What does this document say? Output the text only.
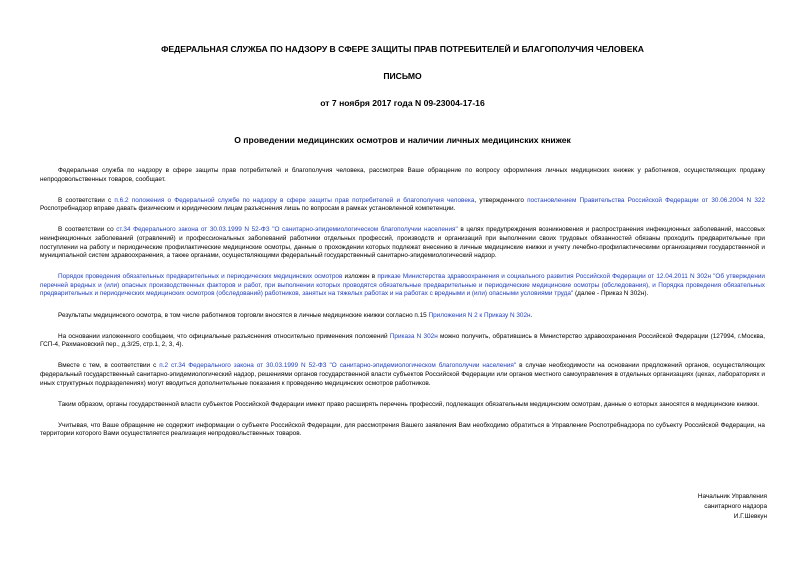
ФЕДЕРАЛЬНАЯ СЛУЖБА ПО НАДЗОРУ В СФЕРЕ ЗАЩИТЫ ПРАВ ПОТРЕБИТЕЛЕЙ И БЛАГОПОЛУЧИЯ ЧЕЛОВЕКА
ПИСЬМО
от 7 ноября 2017 года N 09-23004-17-16
О проведении медицинских осмотров и наличии личных медицинских книжек

Федеральная служба по надзору в сфере защиты прав потребителей и благополучия человека, рассмотрев Ваше обращение по вопросу оформления личных медицинских книжек у работников, осуществляющих продажу непродовольственных товаров, сообщает.

В соответствии с п.6.2 положения о Федеральной службе по надзору в сфере защиты прав потребителей и благополучия человека, утвержденного постановлением Правительства Российской Федерации от 30.06.2004 N 322 Роспотребнадзор вправе давать физическим и юридическим лицам разъяснения лишь по вопросам в рамках установленной компетенции.

В соответствии со ст.34 Федерального закона от 30.03.1999 N 52-ФЗ "О санитарно-эпидемиологическом благополучии населения" в целях предупреждения возникновения и распространения инфекционных заболеваний, массовых неинфекционных заболеваний (отравлений) и профессиональных заболеваний работники отдельных профессий, производств и организаций при выполнении своих трудовых обязанностей обязаны проходить предварительные при поступлении на работу и периодические профилактические медицинские осмотры, данные о прохождении которых подлежат внесению в личные медицинские книжки и учету лечебно-профилактическими организациями государственной и муниципальной систем здравоохранения, а также органами, осуществляющими федеральный государственный санитарно-эпидемиологический надзор.

Порядок проведения обязательных предварительных и периодических медицинских осмотров изложен в приказе Министерства здравоохранения и социального развития Российской Федерации от 12.04.2011 N 302н "Об утверждении перечней вредных и (или) опасных производственных факторов и работ, при выполнении которых проводятся обязательные предварительные и периодические медицинские осмотры (обследования), и Порядка проведения обязательных предварительных и периодических медицинских осмотров (обследований) работников, занятых на тяжелых работах и на работах с вредными и (или) опасными условиями труда" (далее - Приказ N 302н).

Результаты медицинского осмотра, в том числе работников торговли вносятся в личные медицинские книжки согласно п.15 Приложения N 2 к Приказу N 302н.

На основании изложенного сообщаем, что официальные разъяснения относительно применения положений Приказа N 302н можно получить, обратившись в Министерство здравоохранения Российской Федерации (127994, г.Москва, ГСП-4, Рахмановский пер., д.3/25, стр.1, 2, 3, 4).

Вместе с тем, в соответствии с п.2 ст.34 Федерального закона от 30.03.1999 N 52-ФЗ "О санитарно-эпидемиологическом благополучии населения" в случае необходимости на основании предложений органов, осуществляющих федеральный государственный санитарно-эпидемиологический надзор, решениями органов государственной власти субъектов Российской Федерации или органов местного самоуправления в отдельных организациях (цехах, лабораториях и иных структурных подразделениях) могут вводиться дополнительные показания к проведению медицинских осмотров работников.

Таким образом, органы государственной власти субъектов Российской Федерации имеют право расширять перечень профессий, подлежащих обязательным медицинским осмотрам, данные о которых заносятся в медицинские книжки.

Учитывая, что Ваше обращение не содержит информации о субъекте Российской Федерации, для рассмотрения Вашего заявления Вам необходимо обратиться в Управление Роспотребнадзора по субъекту Российской Федерации, на территории которого Вами осуществляется реализация непродовольственных товаров.

Начальник Управления
санитарного надзора
И.Г.Шевкун
